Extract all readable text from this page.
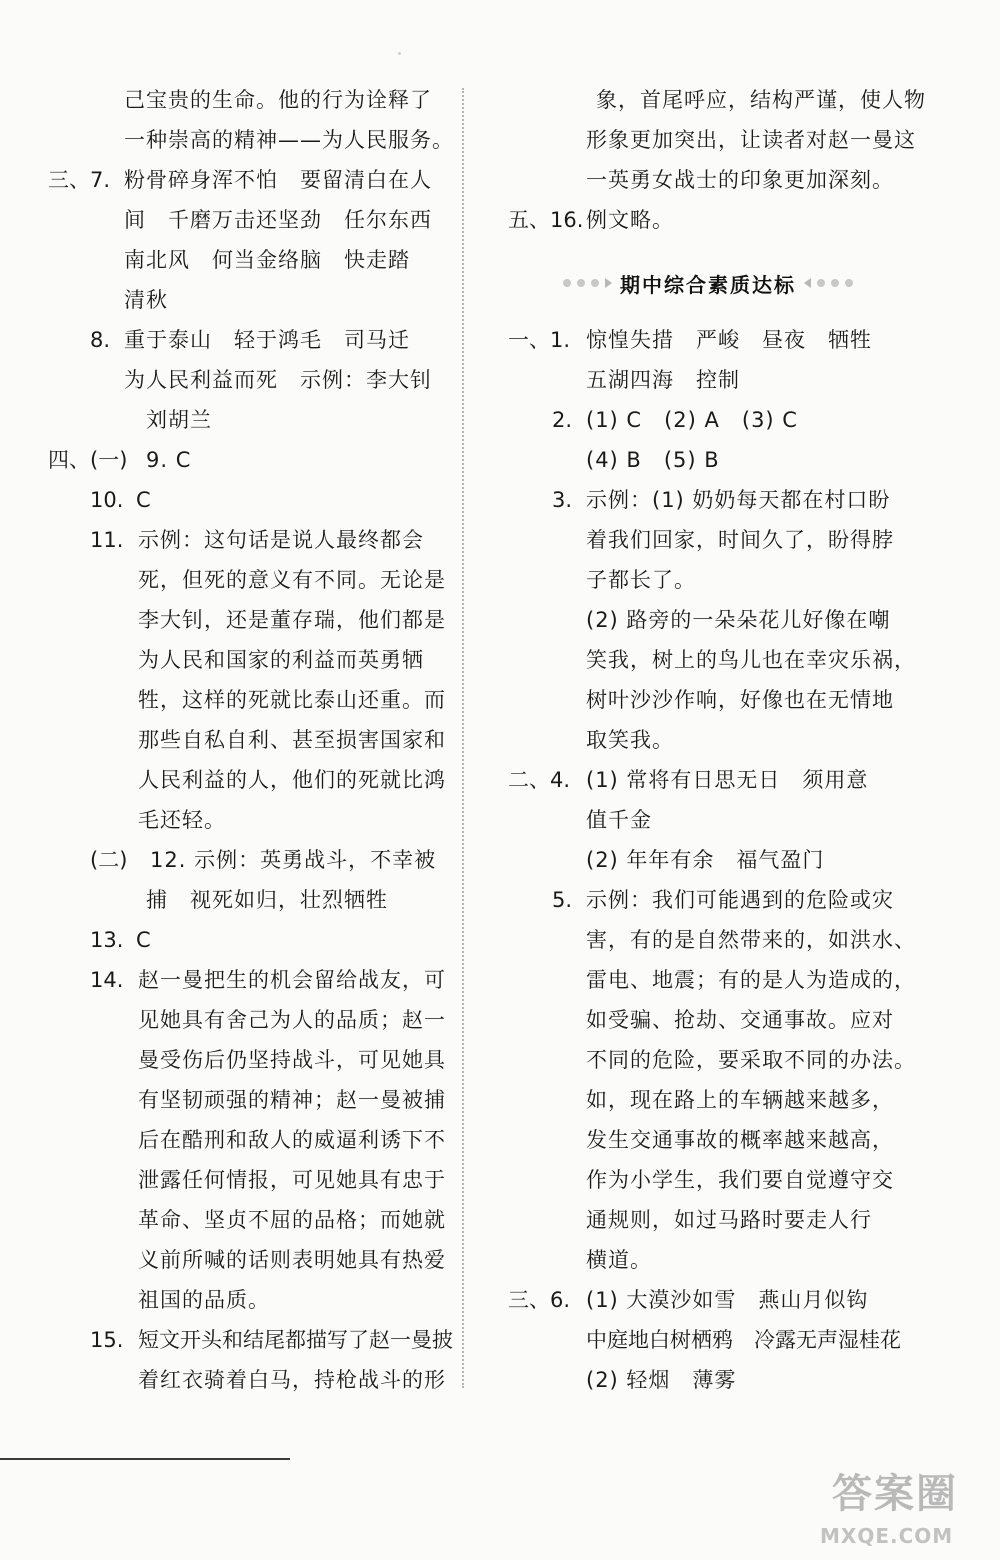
己宝贵的生命。他的行为诠释了
一种崇高的精神——为人民服务。
三、7. 粉骨碎身浑不怕　要留清白在人
间　千磨万击还坚劲　任尔东西
南北风　何当金络脑　快走踏
清秋
8. 重于泰山　轻于鸿毛　司马迁
为人民利益而死　示例：李大钊
刘胡兰
四、(一) 9. C
10. C
11. 示例：这句话是说人最终都会
死，但死的意义有不同。无论是
李大钊，还是董存瑞，他们都是
为人民和国家的利益而英勇牺
牲，这样的死就比泰山还重。而
那些自私自利、甚至损害国家和
人民利益的人，他们的死就比鸿
毛还轻。
(二) 12. 示例：英勇战斗，不幸被
捕　视死如归，壮烈牺牲
13. C
14. 赵一曼把生的机会留给战友，可
见她具有舍己为人的品质；赵一
曼受伤后仍坚持战斗，可见她具
有坚韧顽强的精神；赵一曼被捕
后在酷刑和敌人的威逼利诱下不
泄露任何情报，可见她具有忠于
革命、坚贞不屈的品格；而她就
义前所喊的话则表明她具有热爱
祖国的品质。
15. 短文开头和结尾都描写了赵一曼披
着红衣骑着白马，持枪战斗的形
象，首尾呼应，结构严谨，使人物
形象更加突出，让读者对赵一曼这
一英勇女战士的印象更加深刻。
五、16. 例文略。
一、1. 惊惶失措　严峻　昼夜　牺牲
五湖四海　控制
2. (1) C　(2) A　(3) C
(4) B　(5) B
3. 示例：(1) 奶奶每天都在村口盼
着我们回家，时间久了，盼得脖
子都长了。
(2) 路旁的一朵朵花儿好像在嘲
笑我，树上的鸟儿也在幸灾乐祸，
树叶沙沙作响，好像也在无情地
取笑我。
二、4. (1) 常将有日思无日　须用意
值千金
(2) 年年有余　福气盈门
5. 示例：我们可能遇到的危险或灾
害，有的是自然带来的，如洪水、
雷电、地震；有的是人为造成的，
如受骗、抢劫、交通事故。应对
不同的危险，要采取不同的办法。
如，现在路上的车辆越来越多，
发生交通事故的概率越来越高，
作为小学生，我们要自觉遵守交
通规则，如过马路时要走人行
横道。
三、6. (1) 大漠沙如雪　燕山月似钩
中庭地白树栖鸦　冷露无声湿桂花
(2) 轻烟　薄雾
期中综合素质达标
答案圈
MXQE.COM
